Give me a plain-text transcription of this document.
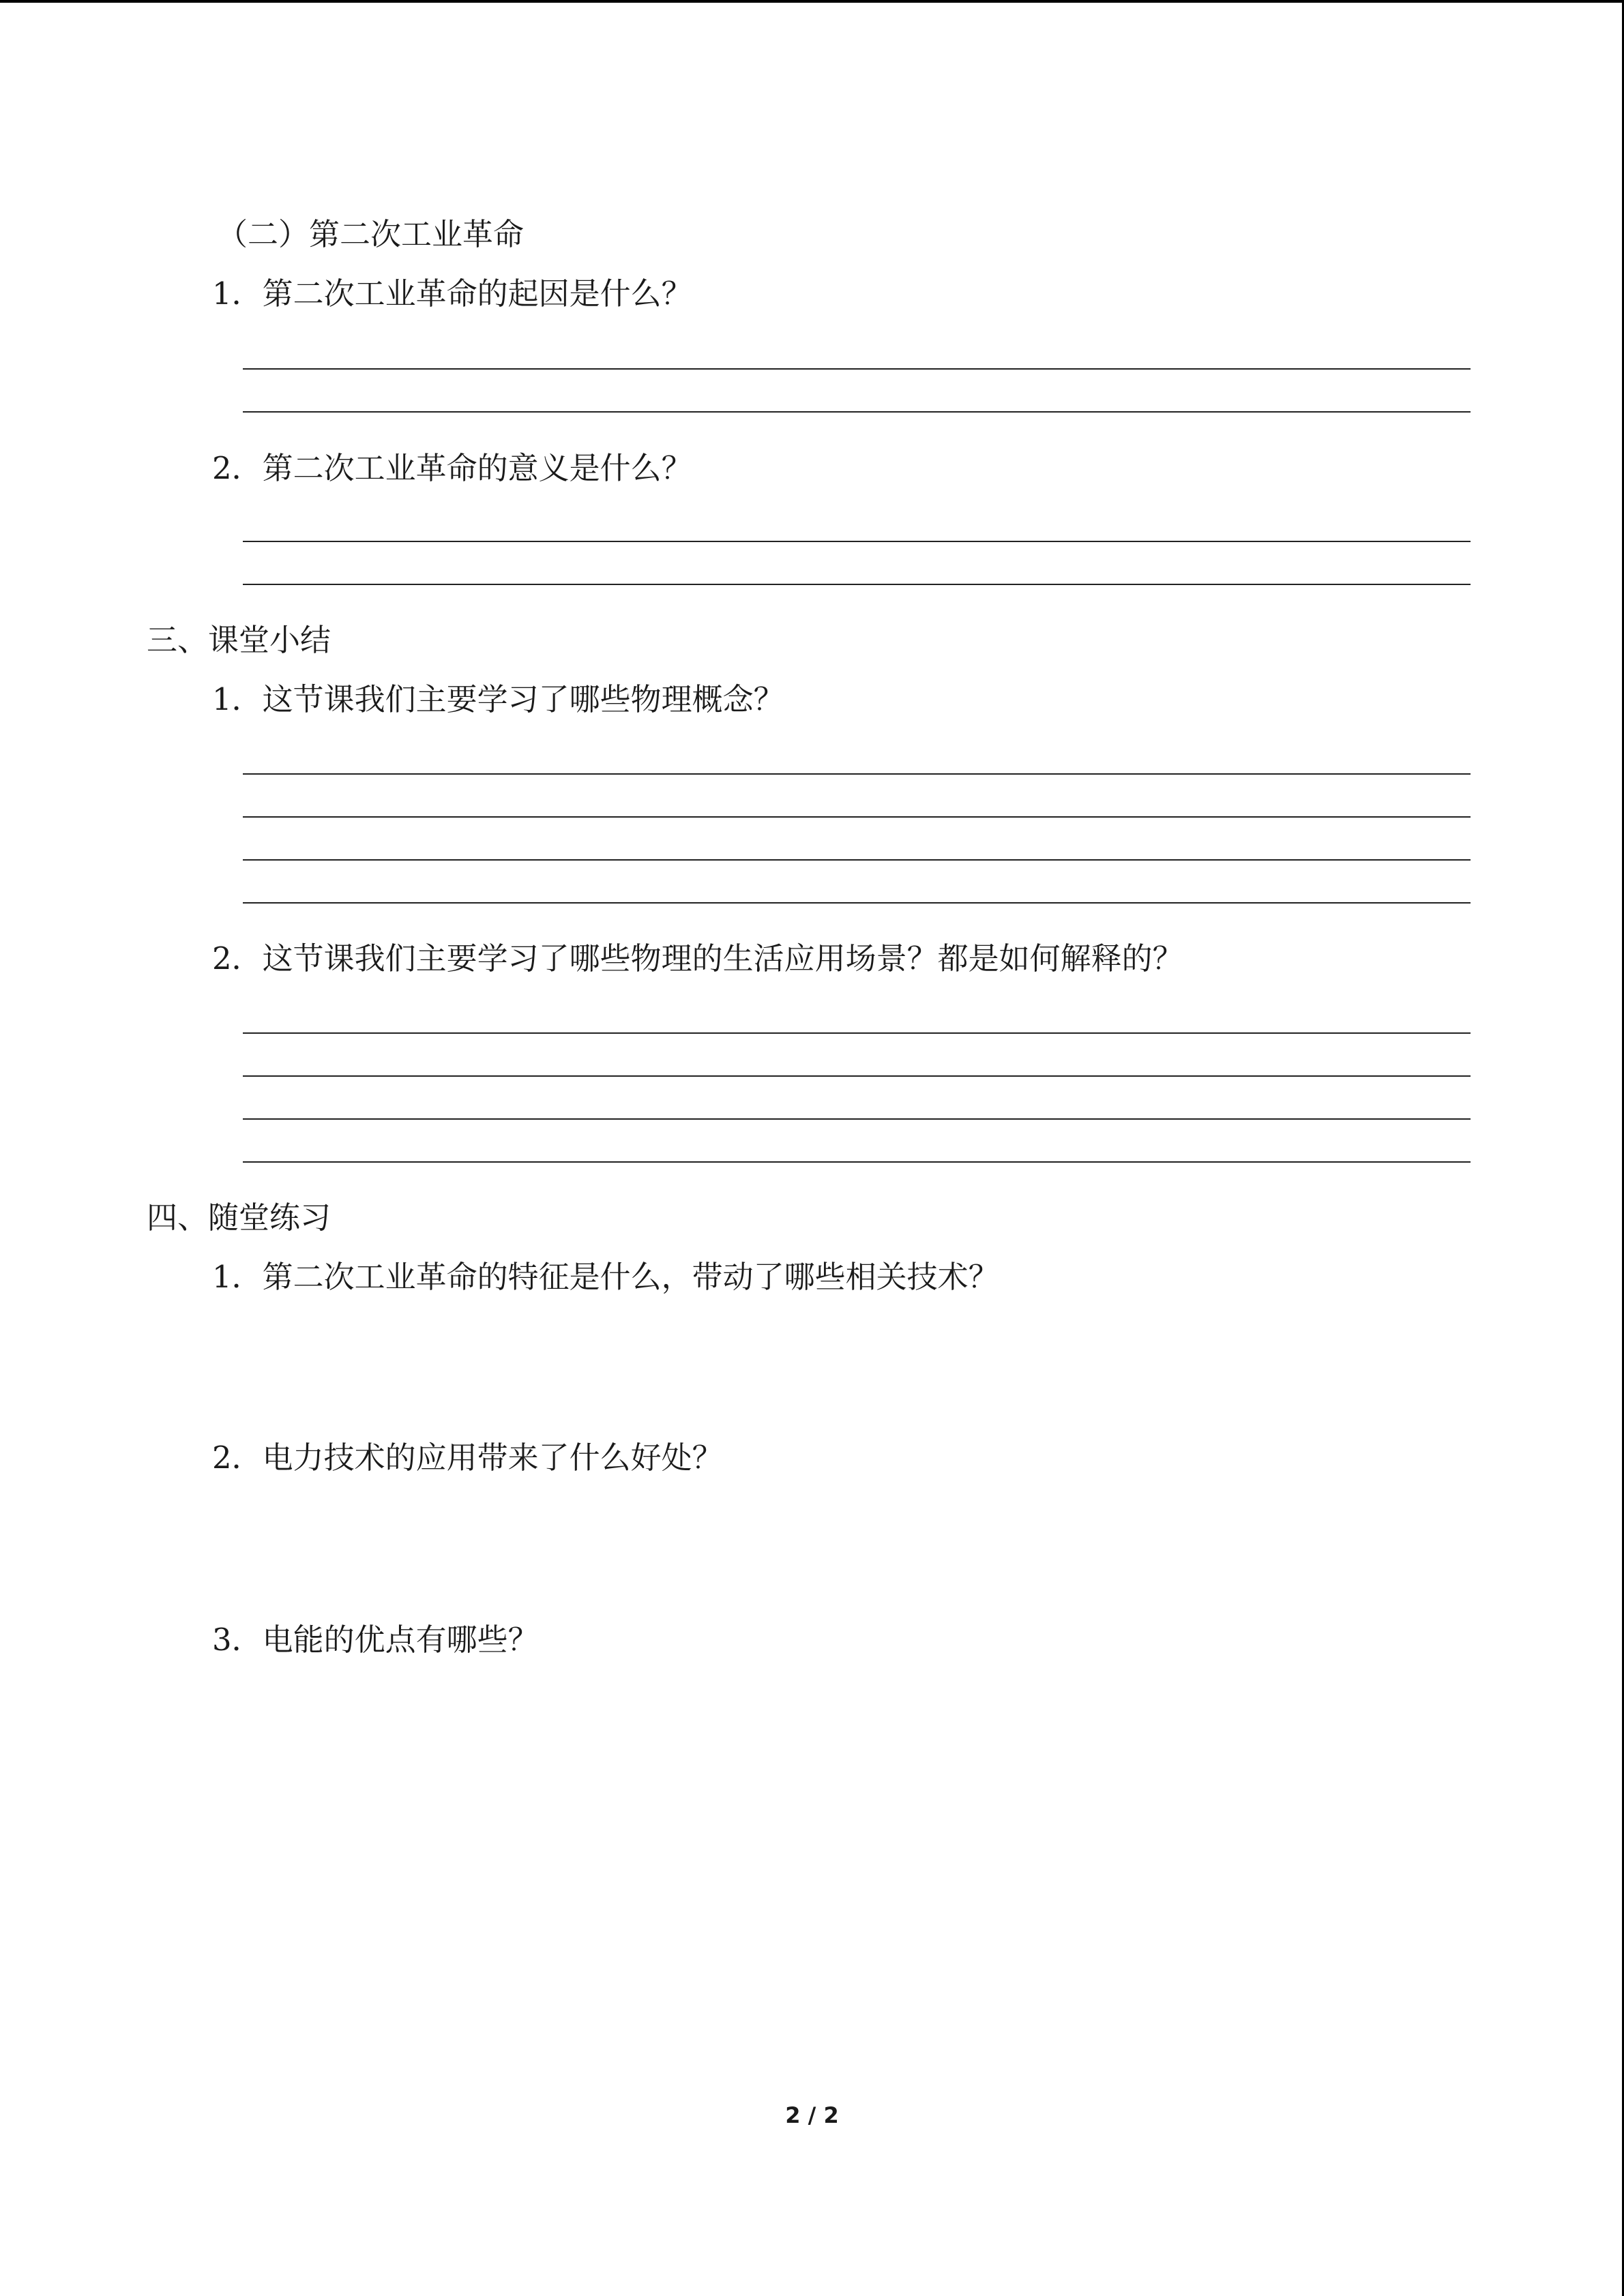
（二）第二次工业革命
1．第二次工业革命的起因是什么？
2．第二次工业革命的意义是什么？
三、课堂小结
1．这节课我们主要学习了哪些物理概念？
2．这节课我们主要学习了哪些物理的生活应用场景？都是如何解释的？
四、随堂练习
1．第二次工业革命的特征是什么，带动了哪些相关技术？
2．电力技术的应用带来了什么好处？
3．电能的优点有哪些？
2 / 2
